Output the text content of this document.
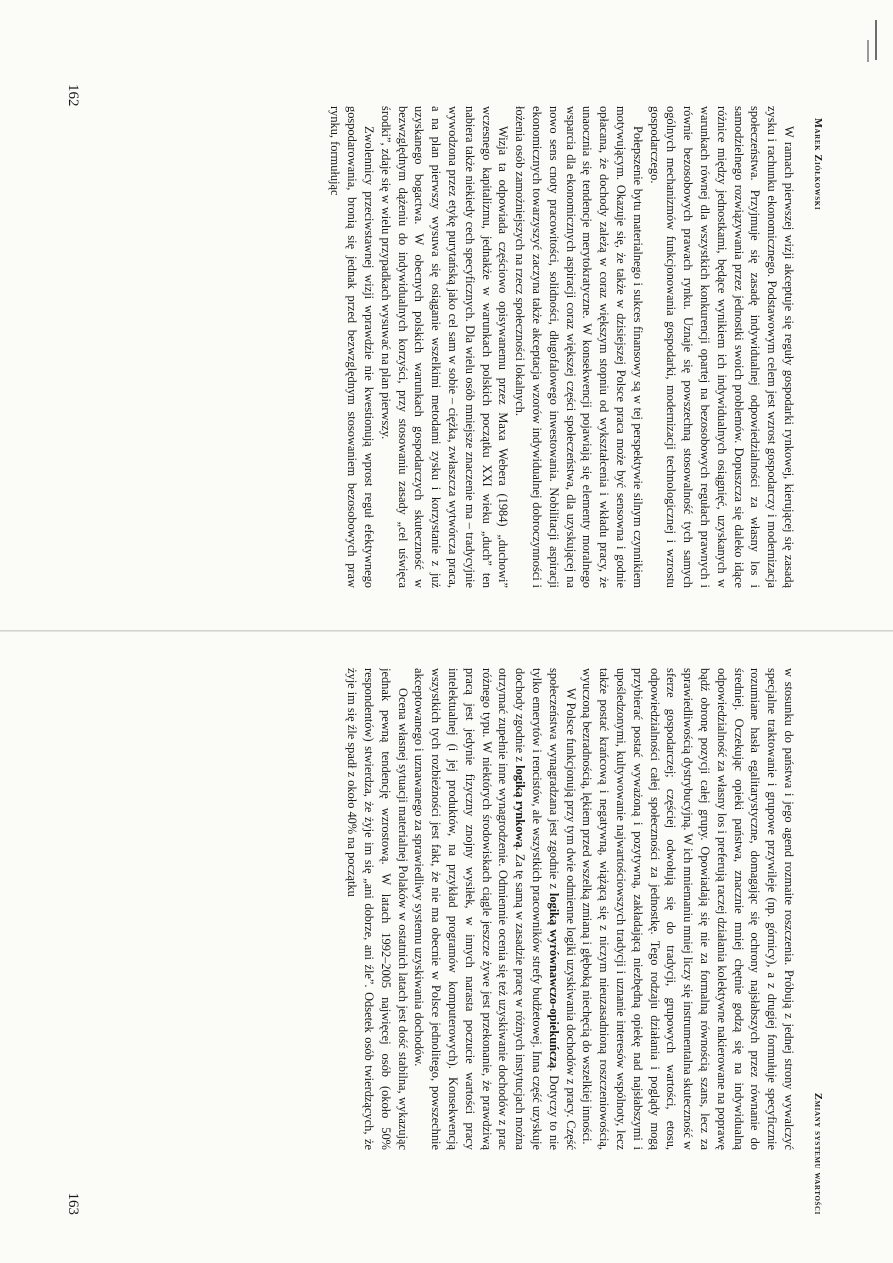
Marek Ziółkowski

W ramach pierwszej wizji akceptuje się reguły gospodarki rynkowej, kierującej się zasadą zysku i rachunku ekonomicznego. Podstawowym celem jest wzrost gospodarczy i modernizacja społeczeństwa. Przyjmuje się zasadę indywidualnej odpowiedzialności za własny los i samodzielnego rozwiązywania przez jednostki swoich problemów. Dopuszcza się daleko idące różnice między jednostkami, będące wynikiem ich indywidualnych osiągnięć, uzyskanych w warunkach równej dla wszystkich konkurencji opartej na bezosobowych regułach prawnych i równie bezosobowych prawach rynku. Uznaje się powszechną stosowalność tych samych ogólnych mechanizmów funkcjonowania gospodarki, modernizacji technologicznej i wzrostu gospodarczego.

Połepszenie bytu materialnego i sukces finansowy są w tej perspektywie silnym czynnikiem motywującym. Okazuje się, że także w dzisiejszej Polsce praca może być sensowna i godnie opłacana, że dochody zależą w coraz większym stopniu od wykształcenia i wkładu pracy, że unaocznia się tendencje merytokratyczne. W konsekwencji pojawiają się elementy moralnego wsparcia dla ekonomicznych aspiracji coraz większej części społeczeństwa, dla uzyskującej na nowo sens cnoty pracowitości, solidności, długofalowego inwestowania. Nobilitacji aspiracji ekonomicznych towarzyszyć zaczyna także akceptacja wzorów indywidualnej dobroczynności i łożenia osób zamożniejszych na rzecz społeczności lokalnych.

Wizja ta odpowiada częściowo opisywanemu przez Maxa Webera (1984) „duchowi” wczesnego kapitalizmu, jednakże w warunkach polskich początku XXI wieku „duch” ten nabiera także niekiedy cech specyficznych. Dla wielu osób mniejsze znaczenie ma – tradycyjnie wywodzona przez etykę purytańską jako cel sam w sobie – ciężka, zwłaszcza wytwórcza praca, a na plan pierwszy wysuwa się osiąganie wszelkimi metodami zysku i korzystanie z już uzyskanego bogactwa. W obecnych polskich warunkach gospodarczych skuteczność w bezwzględnym dążeniu do indywidualnych korzyści, przy stosowaniu zasady „cel uświęca środki”, zdaje się w wielu przypadkach wysuwać na plan pierwszy.

Zwolennicy przeciwstawnej wizji wprawdzie nie kwestionują wprost reguł efektywnego gospodarowania, bronią się jednak przed bezwzględnym stosowaniem bezosobowych praw rynku, formułując

162
Zmiany systemu wartości

w stosunku do państwa i jego agend rozmaite roszczenia. Próbują z jednej strony wywalczyć specjalne traktowanie i grupowe przywileje (np. górnicy), a z drugiej formułuje specyficznie rozumiane hasła egalitarystyczne, domagając się ochrony najsłabszych przez równanie do średniej. Oczekując opieki państwa, znacznie mniej chętnie godzą się na indywidualną odpowiedzialność za własny los i preferują raczej działania kolektywne nakierowane na poprawę bądź obronę pozycji całej grupy. Opowiadają się nie za formalną równością szans, lecz za sprawiedliwością dystrybucyjną. W ich mniemaniu mniej liczy się instrumentalna skuteczność w sferze gospodarczej; częściej odwołują się do tradycji, grupowych wartości, etosu, odpowiedzialności całej społeczności za jednostkę. Tego rodzaju działania i poglądy mogą przybierać postać wyważoną i pozytywną, zakładającą niezbędną opiekę nad najsłabszymi i upośledzonymi, kultywowanie najwartościowszych tradycji i uznanie interesów wspólnoty, lecz także postać krańcową i negatywną, wiążącą się z niczym nieuzasadnioną roszczeniowością, wyuczoną bezradnością, lękiem przed wszelką zmianą i głęboką niechęcią do wszelkiej inności.

W Polsce funkcjonują przy tym dwie odmienne logiki uzyskiwania dochodów z pracy. Część społeczeństwa wynagradzana jest zgodnie z logiką wyrównawczo-opiekuńczą. Dotyczy to nie tylko emerytów i rencistów, ale wszystkich pracowników strefy budżetowej. Inna część uzyskuje dochody zgodnie z logiką rynkową. Za tę samą w zasadzie pracę w różnych instytucjach można otrzymać zupełnie inne wynagrodzenie. Odmiennie ocenia się też uzyskiwanie dochodów z prac różnego typu. W niektórych środowiskach ciągle jeszcze żywe jest przekonanie, że prawdziwą pracą jest jedynie fizyczny znojny wysiłek, w innych narasta poczucie wartości pracy intelektualnej (i jej produktów, na przykład programów komputerowych). Konsekwencją wszystkich tych rozbieżności jest fakt, że nie ma obecnie w Polsce jednolitego, powszechnie akceptowanego i uznawanego za sprawiedliwy systemu uzyskiwania dochodów.

Ocena własnej sytuacji materialnej Polaków w ostatnich latach jest dość stabilna, wykazując jednak pewną tendencję wzrostową. W latach 1992–2005 najwięcej osób (około 50% respondentów) stwierdza, że żyje im się „ani dobrze, ani źle”. Odsetek osób twierdzących, że żyje im się źle spadł z około 40% na początku

163
